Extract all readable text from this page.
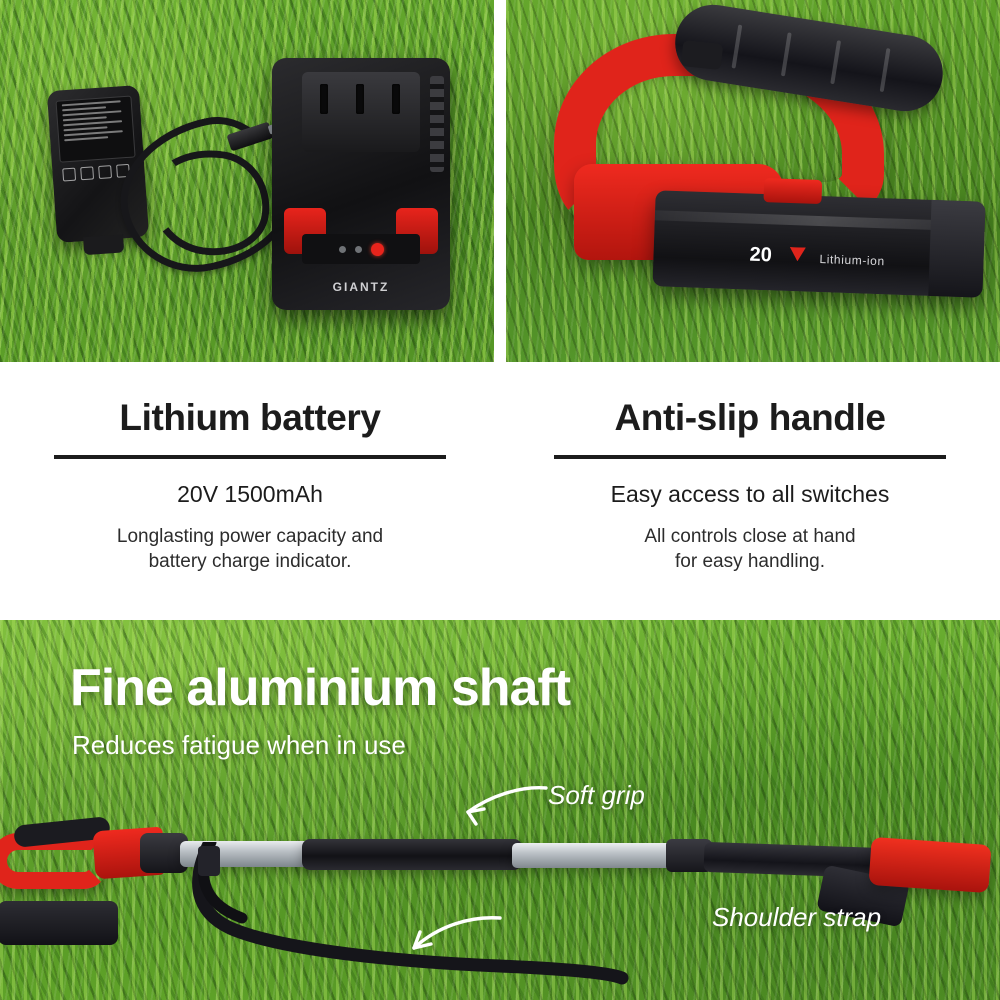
GIANTZ
20	Lithium-ion
Lithium battery
20V 1500mAh
Longlasting power capacity and
battery charge indicator.
Anti-slip handle
Easy access to all switches
All controls close at hand
for easy handling.
Fine aluminium shaft
Reduces fatigue when in use
Soft grip
Shoulder strap
